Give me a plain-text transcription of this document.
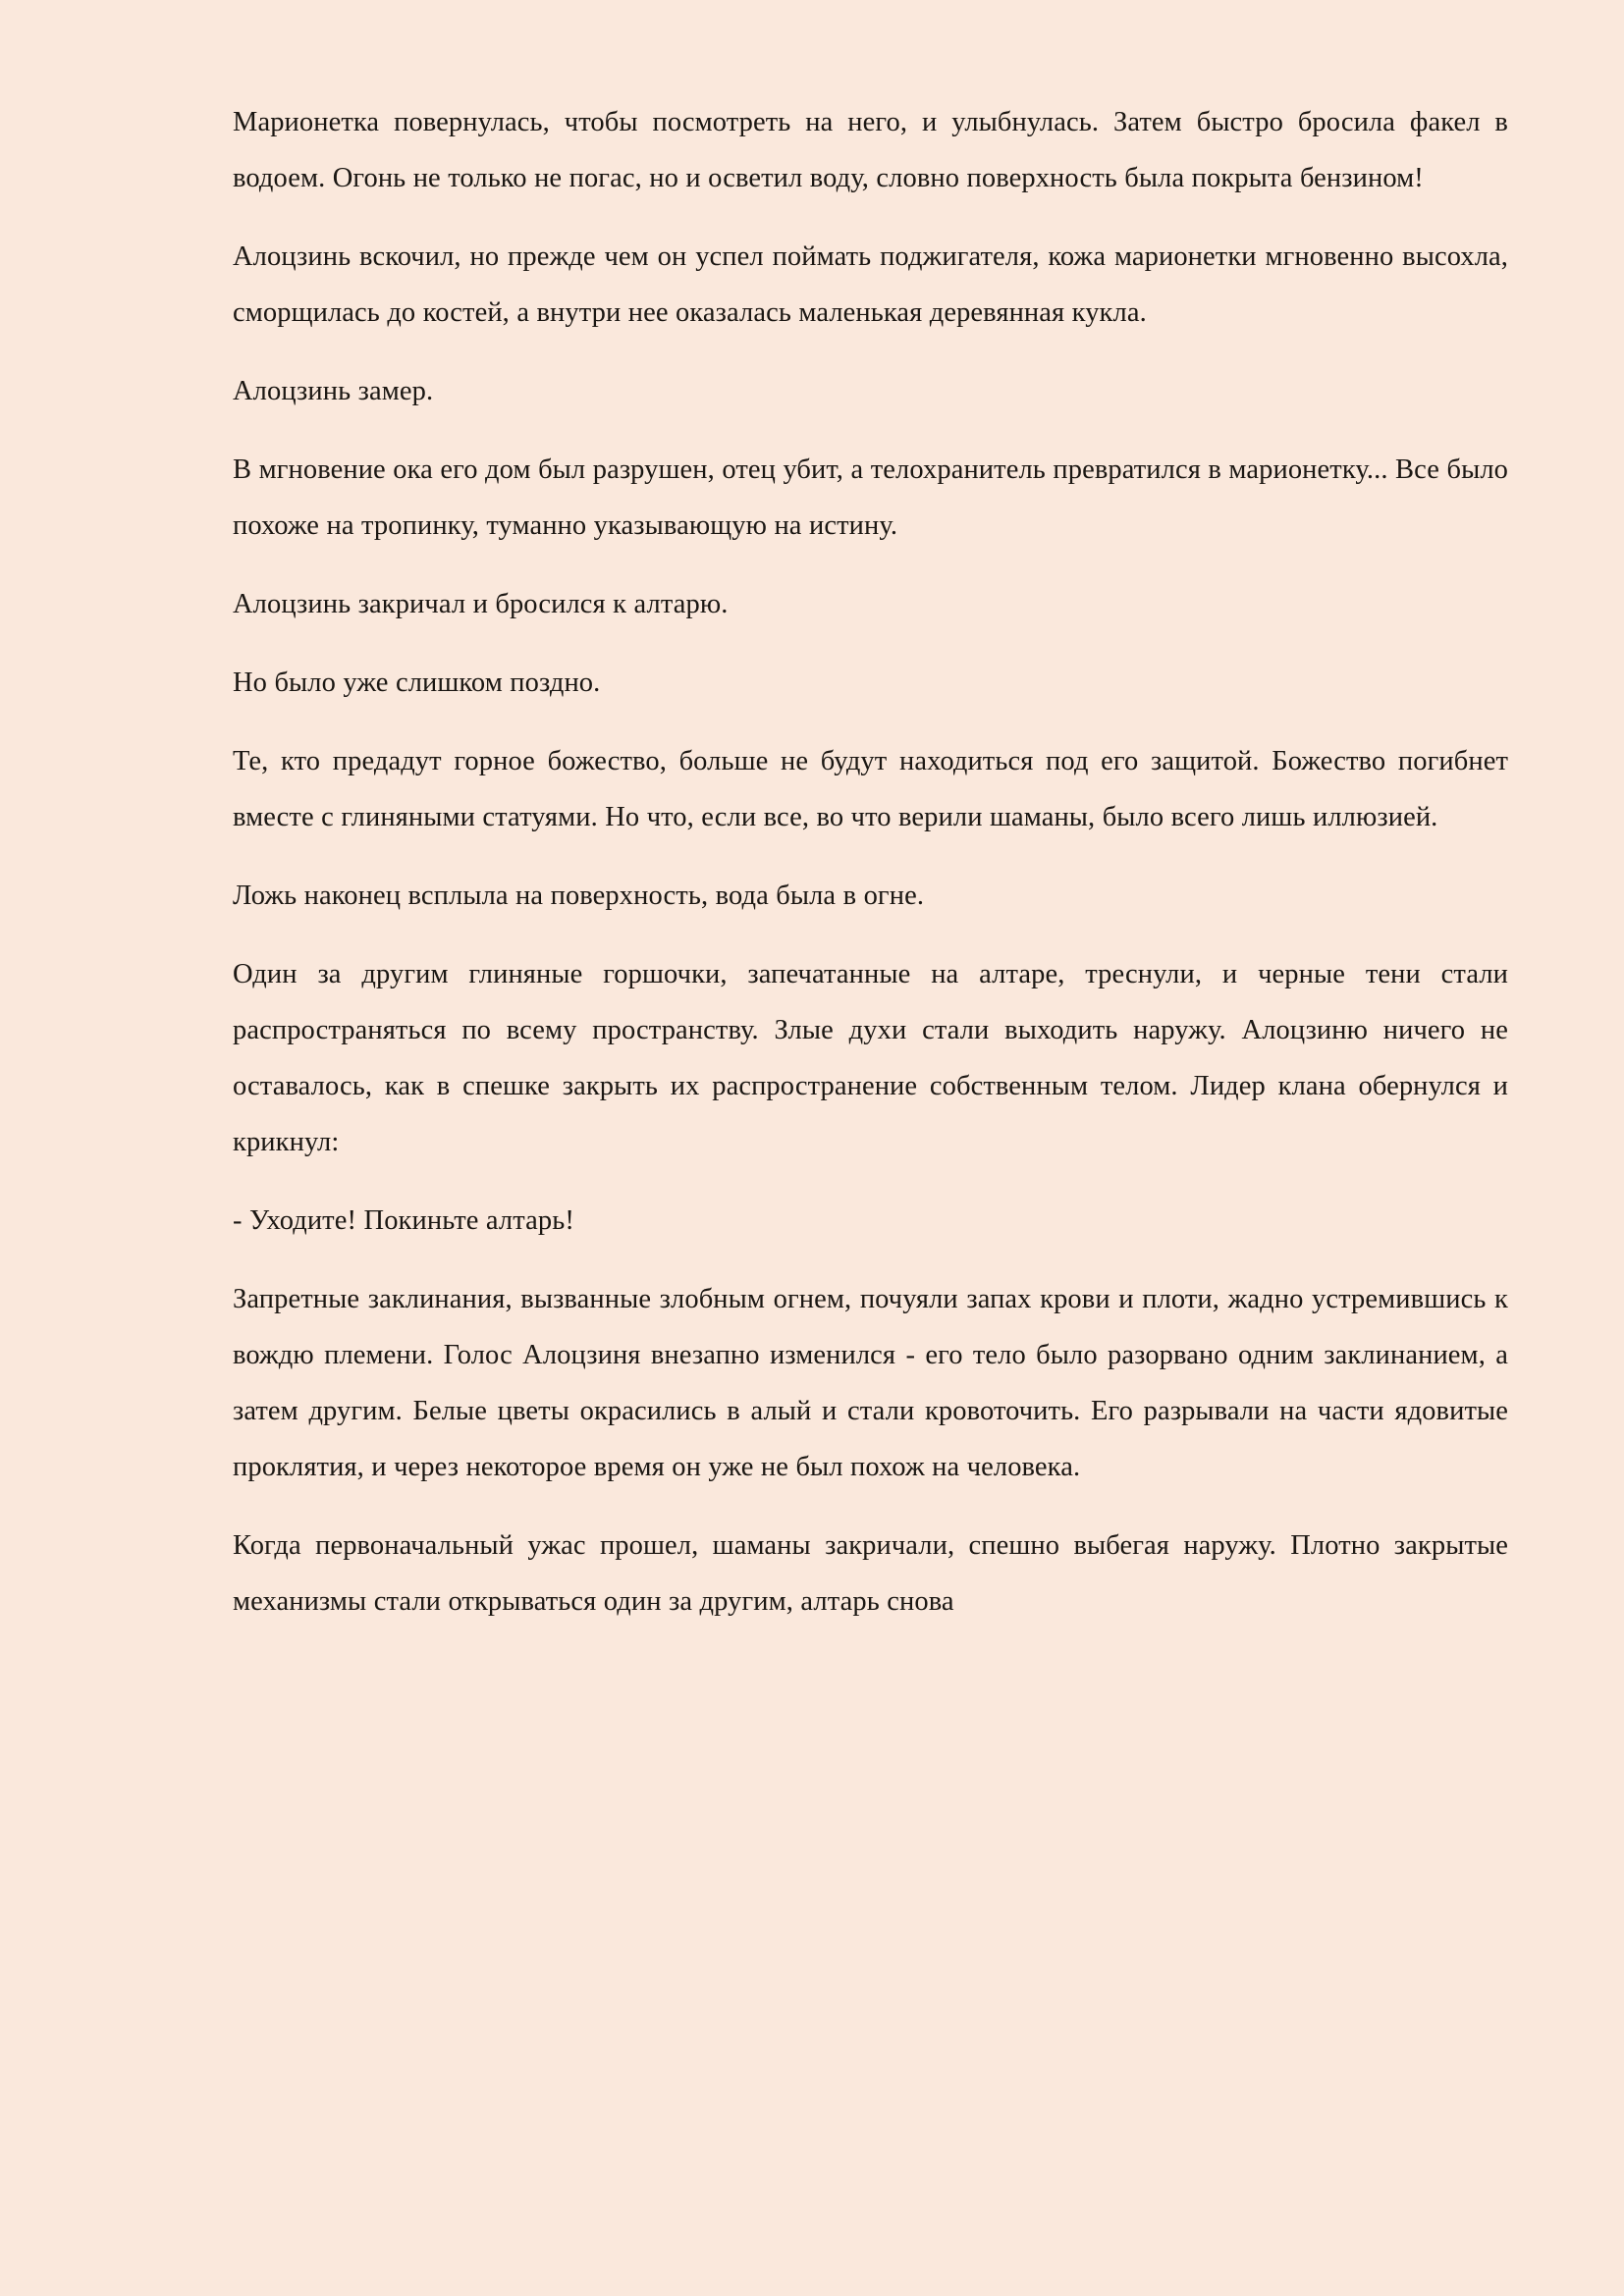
Марионетка повернулась, чтобы посмотреть на него, и улыбнулась. Затем быстро бросила факел в водоем. Огонь не только не погас, но и осветил воду, словно поверхность была покрыта бензином!

Алоцзинь вскочил, но прежде чем он успел поймать поджигателя, кожа марионетки мгновенно высохла, сморщилась до костей, а внутри нее оказалась маленькая деревянная кукла.

Алоцзинь замер.

В мгновение ока его дом был разрушен, отец убит, а телохранитель превратился в марионетку... Все было похоже на тропинку, туманно указывающую на истину.

Алоцзинь закричал и бросился к алтарю.

Но было уже слишком поздно.

Те, кто предадут горное божество, больше не будут находиться под его защитой. Божество погибнет вместе с глиняными статуями. Но что, если все, во что верили шаманы, было всего лишь иллюзией.

Ложь наконец всплыла на поверхность, вода была в огне.

Один за другим глиняные горшочки, запечатанные на алтаре, треснули, и черные тени стали распространяться по всему пространству. Злые духи стали выходить наружу. Алоцзиню ничего не оставалось, как в спешке закрыть их распространение собственным телом. Лидер клана обернулся и крикнул:

- Уходите! Покиньте алтарь!

Запретные заклинания, вызванные злобным огнем, почуяли запах крови и плоти, жадно устремившись к вождю племени. Голос Алоцзиня внезапно изменился - его тело было разорвано одним заклинанием, а затем другим. Белые цветы окрасились в алый и стали кровоточить. Его разрывали на части ядовитые проклятия, и через некоторое время он уже не был похож на человека.

Когда первоначальный ужас прошел, шаманы закричали, спешно выбегая наружу. Плотно закрытые механизмы стали открываться один за другим, алтарь снова
